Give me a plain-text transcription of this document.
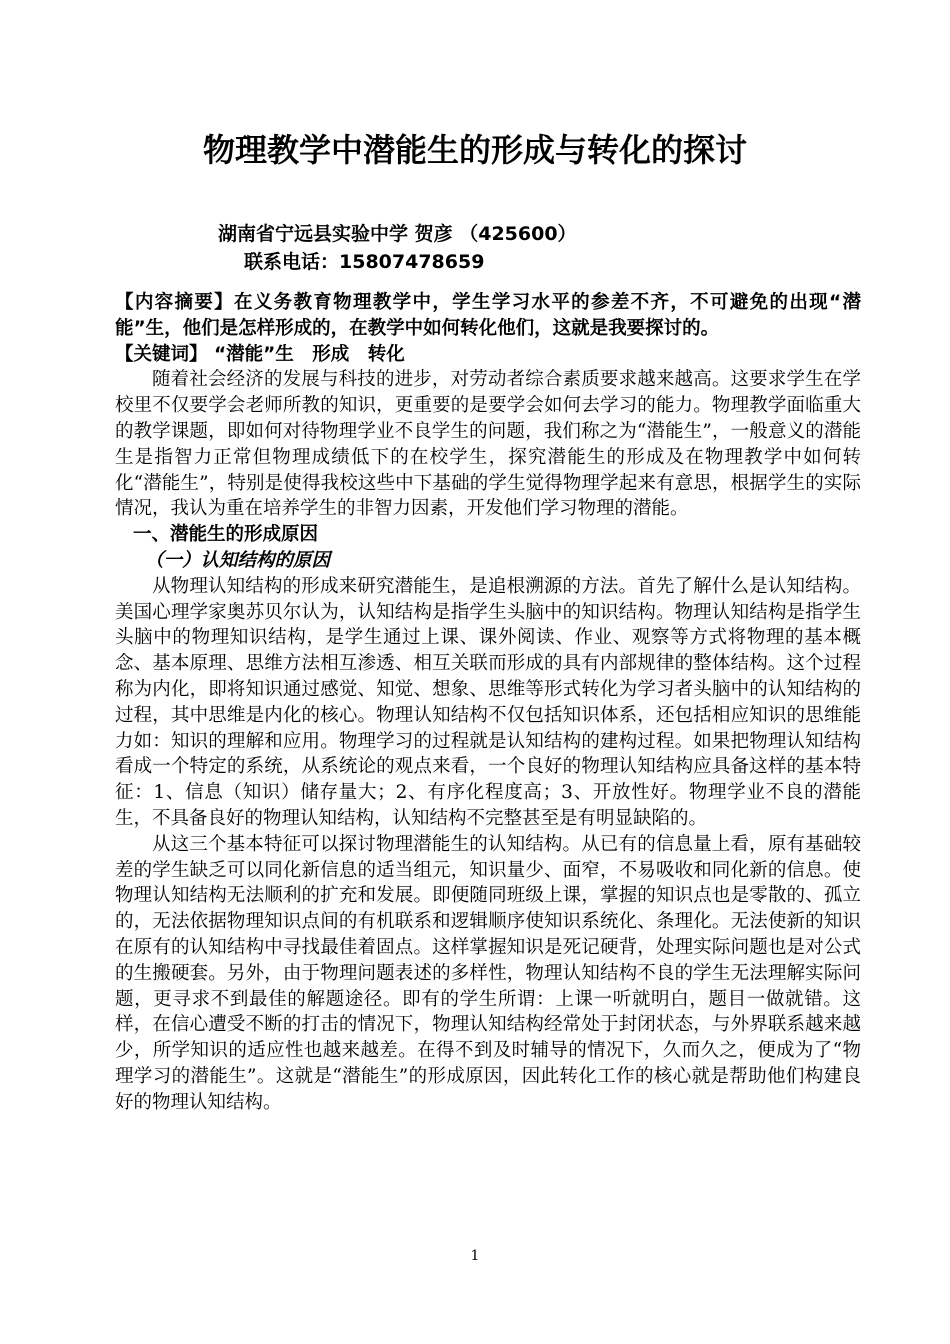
物理教学中潜能生的形成与转化的探讨
湖南省宁远县实验中学 贺彦 （425600）
联系电话：15807478659

【内容摘要】在义务教育物理教学中，学生学习水平的参差不齐，不可避免的出现“潜能”生，他们是怎样形成的，在教学中如何转化他们，这就是我要探讨的。

【关键词】 “潜能”生　形成　转化

随着社会经济的发展与科技的进步，对劳动者综合素质要求越来越高。这要求学生在学校里不仅要学会老师所教的知识，更重要的是要学会如何去学习的能力。物理教学面临重大的教学课题，即如何对待物理学业不良学生的问题，我们称之为“潜能生”，一般意义的潜能生是指智力正常但物理成绩低下的在校学生，探究潜能生的形成及在物理教学中如何转化“潜能生”，特别是使得我校这些中下基础的学生觉得物理学起来有意思，根据学生的实际情况，我认为重在培养学生的非智力因素，开发他们学习物理的潜能。

一、潜能生的形成原因

（一）认知结构的原因

从物理认知结构的形成来研究潜能生，是追根溯源的方法。首先了解什么是认知结构。美国心理学家奥苏贝尔认为，认知结构是指学生头脑中的知识结构。物理认知结构是指学生头脑中的物理知识结构，是学生通过上课、课外阅读、作业、观察等方式将物理的基本概念、基本原理、思维方法相互渗透、相互关联而形成的具有内部规律的整体结构。这个过程称为内化，即将知识通过感觉、知觉、想象、思维等形式转化为学习者头脑中的认知结构的过程，其中思维是内化的核心。物理认知结构不仅包括知识体系，还包括相应知识的思维能力如：知识的理解和应用。物理学习的过程就是认知结构的建构过程。如果把物理认知结构看成一个特定的系统，从系统论的观点来看，一个良好的物理认知结构应具备这样的基本特征：1、信息（知识）储存量大；2、有序化程度高；3、开放性好。物理学业不良的潜能生，不具备良好的物理认知结构，认知结构不完整甚至是有明显缺陷的。

从这三个基本特征可以探讨物理潜能生的认知结构。从已有的信息量上看，原有基础较差的学生缺乏可以同化新信息的适当组元，知识量少、面窄，不易吸收和同化新的信息。使物理认知结构无法顺利的扩充和发展。即便随同班级上课，掌握的知识点也是零散的、孤立的，无法依据物理知识点间的有机联系和逻辑顺序使知识系统化、条理化。无法使新的知识在原有的认知结构中寻找最佳着固点。这样掌握知识是死记硬背，处理实际问题也是对公式的生搬硬套。另外，由于物理问题表述的多样性，物理认知结构不良的学生无法理解实际问题，更寻求不到最佳的解题途径。即有的学生所谓：上课一听就明白，题目一做就错。这样，在信心遭受不断的打击的情况下，物理认知结构经常处于封闭状态，与外界联系越来越少，所学知识的适应性也越来越差。在得不到及时辅导的情况下，久而久之，便成为了“物理学习的潜能生”。这就是“潜能生”的形成原因，因此转化工作的核心就是帮助他们构建良好的物理认知结构。

1
